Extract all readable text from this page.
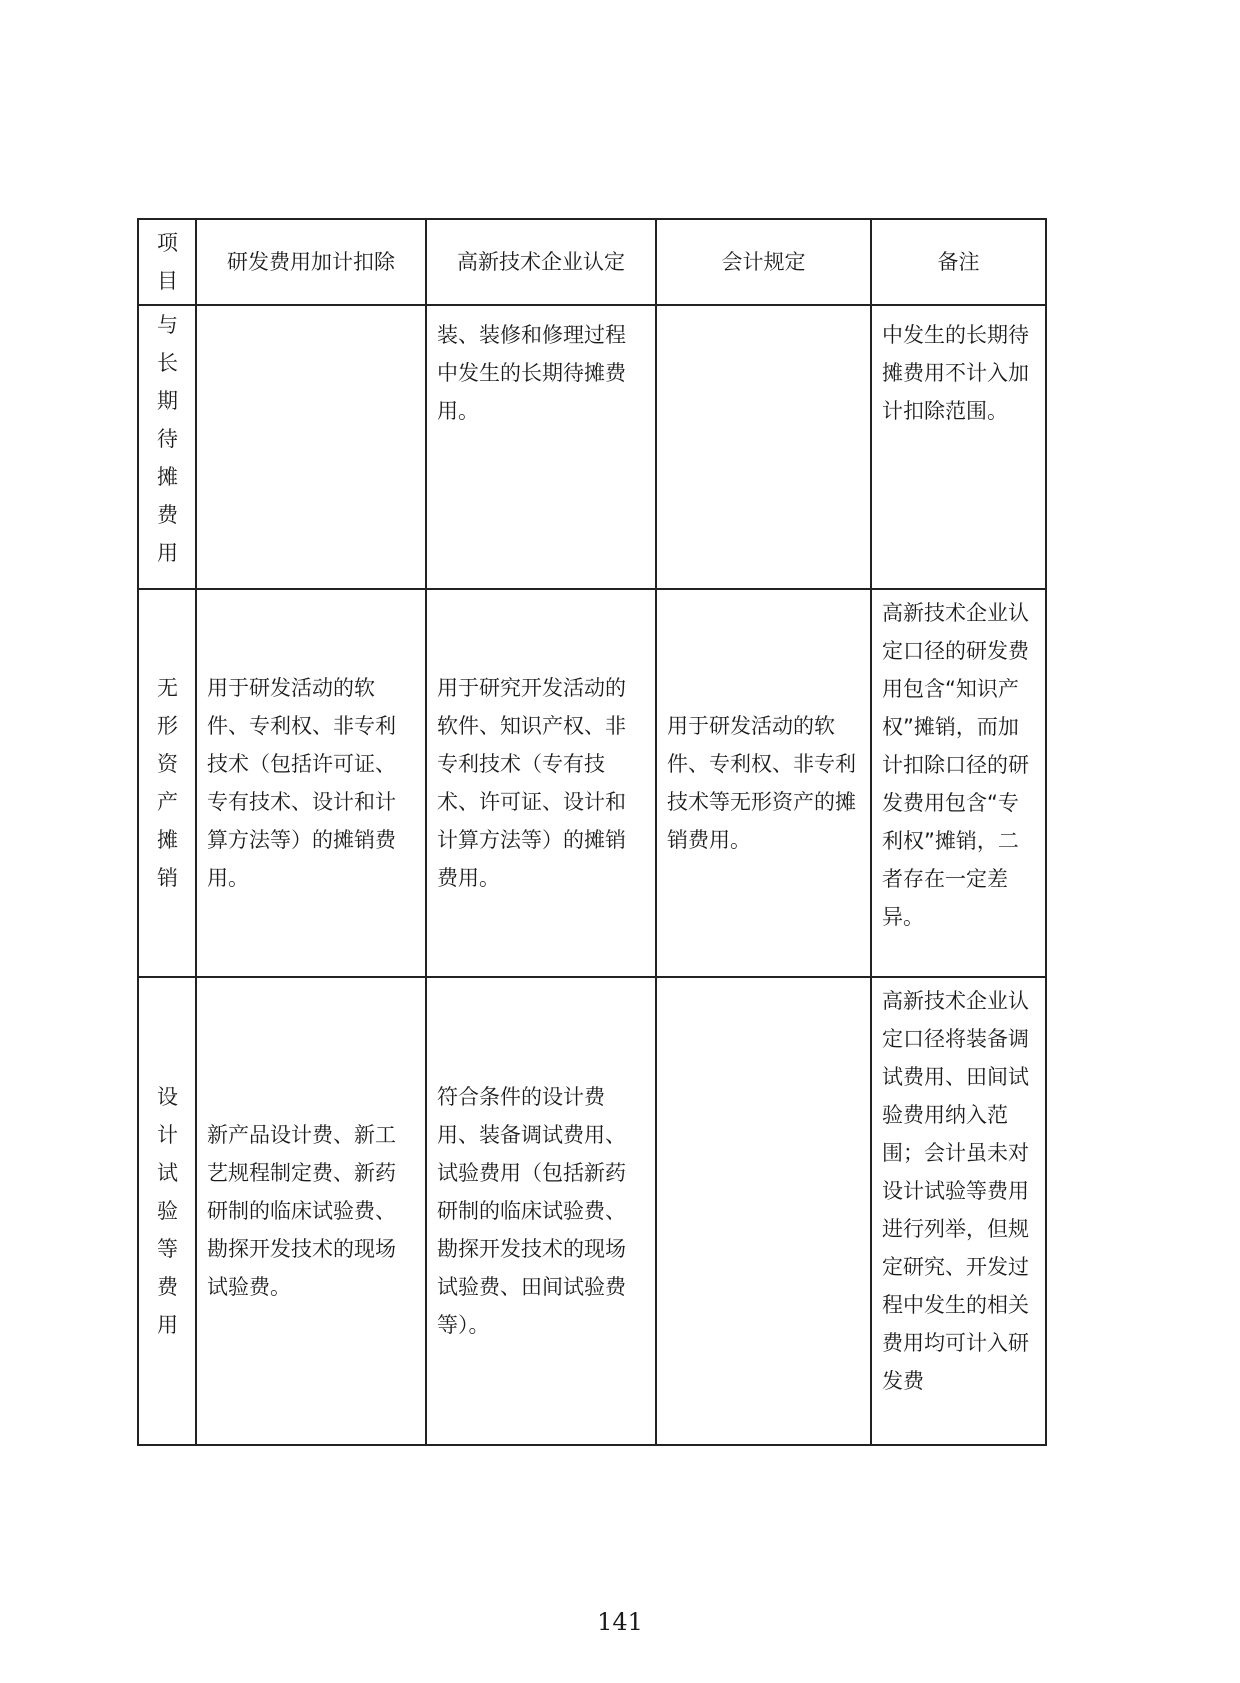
项目	研发费用加计扣除	高新技术企业认定	会计规定	备注
与长期待摊费用		装、装修和修理过程中发生的长期待摊费用。		中发生的长期待摊费用不计入加计扣除范围。
无形资产摊销	用于研发活动的软件、专利权、非专利技术（包括许可证、专有技术、设计和计算方法等）的摊销费用。	用于研究开发活动的软件、知识产权、非专利技术（专有技术、许可证、设计和计算方法等）的摊销费用。	用于研发活动的软件、专利权、非专利技术等无形资产的摊销费用。	高新技术企业认定口径的研发费用包含“知识产权”摊销，而加计扣除口径的研发费用包含“专利权”摊销，二者存在一定差异。
设计试验等费用	新产品设计费、新工艺规程制定费、新药研制的临床试验费、勘探开发技术的现场试验费。	符合条件的设计费用、装备调试费用、试验费用（包括新药研制的临床试验费、勘探开发技术的现场试验费、田间试验费等）。		高新技术企业认定口径将装备调试费用、田间试验费用纳入范围；会计虽未对设计试验等费用进行列举，但规定研究、开发过程中发生的相关费用均可计入研发费
141
